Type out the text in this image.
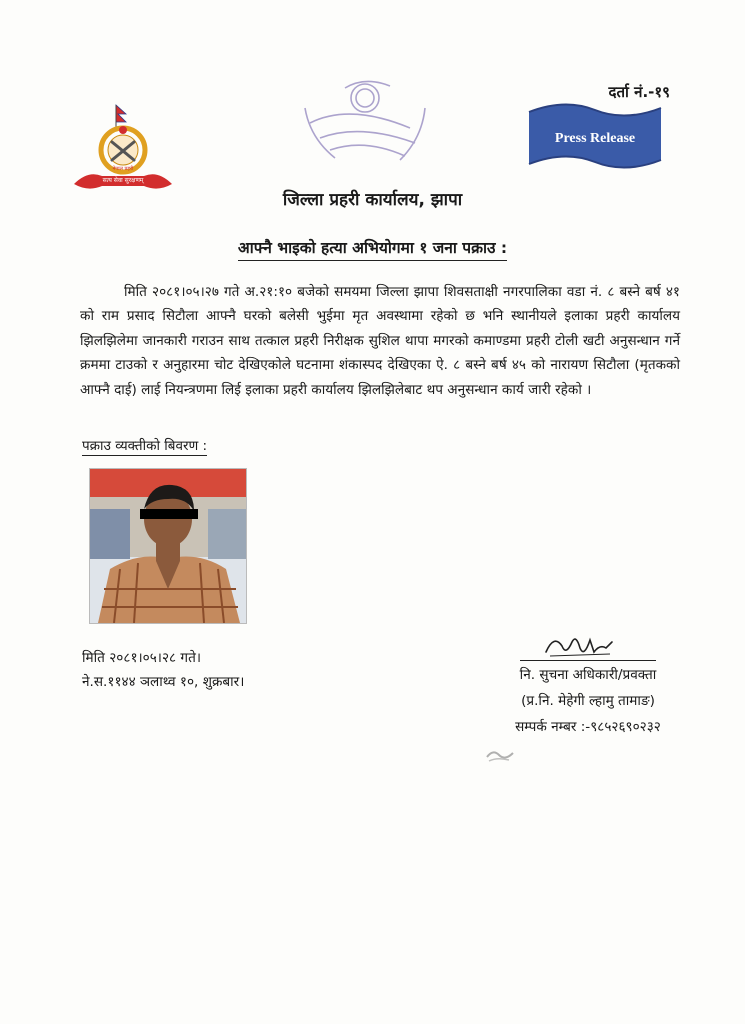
सत्य सेवा सुरक्षणम्
नेपाल प्रहरी
दर्ता नं.-१९
Press Release
जिल्ला प्रहरी कार्यालय, झापा
आफ्नै भाइको हत्या अभियोगमा १ जना पक्राउ :
मिति २०८१।०५।२७ गते अ.२१:१० बजेको समयमा जिल्ला झापा शिवसताक्षी नगरपालिका वडा नं. ८ बस्ने बर्ष ४१ को राम प्रसाद सिटौला आफ्नै घरको बलेसी भुईमा मृत अवस्थामा रहेको छ भनि स्थानीयले इलाका प्रहरी कार्यालय झिलझिलेमा जानकारी गराउन साथ तत्काल प्रहरी निरीक्षक सुशिल थापा मगरको कमाण्डमा प्रहरी टोली खटी अनुसन्धान गर्ने क्रममा टाउको र अनुहारमा चोट देखिएकोले घटनामा शंकास्पद देखिएका ऐ. ८ बस्ने बर्ष ४५ को नारायण सिटौला (मृतकको आफ्नै दाई) लाई नियन्त्रणमा लिई इलाका प्रहरी कार्यालय झिलझिलेबाट थप अनुसन्धान कार्य जारी रहेको ।
पक्राउ व्यक्तीको बिवरण :
मिति २०८१।०५।२८ गते।
ने.स.११४४ ञलाथ्व १०, शुक्रबार।	नि. सुचना अधिकारी/प्रवक्ता
(प्र.नि. मेहेगी ल्हामु तामाङ)
सम्पर्क नम्बर :-९८५२६९०२३२
